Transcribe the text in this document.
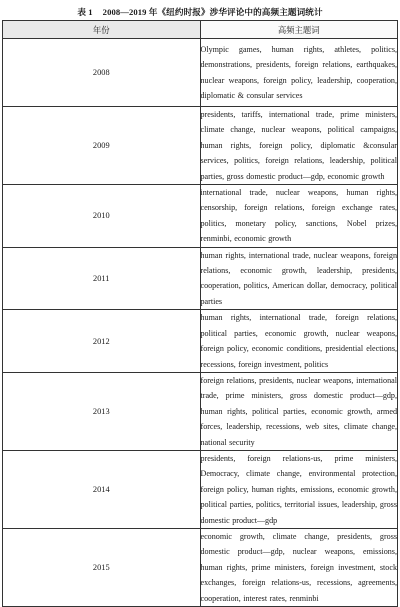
表 1 2008—2019 年《纽约时报》涉华评论中的高频主题词统计
年份	高频主题词
2008	Olympic games, human rights, athletes, politics, demonstrations, presidents, foreign relations, earthquakes, nuclear weapons, foreign policy, leadership, cooperation, diplomatic & consular services
2009	presidents, tariffs, international trade, prime ministers, climate change, nuclear weapons, political campaigns, human rights, foreign policy, diplomatic &consular services, politics, foreign relations, leadership, political parties, gross domestic product—gdp, economic growth
2010	international trade, nuclear weapons, human rights, censorship, foreign relations, foreign exchange rates, politics, monetary policy, sanctions, Nobel prizes, renminbi, economic growth
2011	human rights, international trade, nuclear weapons, foreign relations, economic growth, leadership, presidents, cooperation, politics, American dollar, democracy, political parties
2012	human rights, international trade, foreign relations, political parties, economic growth, nuclear weapons, foreign policy, economic conditions, presidential elections, recessions, foreign investment, politics
2013	foreign relations, presidents, nuclear weapons, international trade, prime ministers, gross domestic product—gdp, human rights, political parties, economic growth, armed forces, leadership, recessions, web sites, climate change, national security
2014	presidents, foreign relations-us, prime ministers, Democracy, climate change, environmental protection, foreign policy, human rights, emissions, economic growth, political parties, politics, territorial issues, leadership, gross domestic product—gdp
2015	economic growth, climate change, presidents, gross domestic product—gdp, nuclear weapons, emissions, human rights, prime ministers, foreign investment, stock exchanges, foreign relations-us, recessions, agreements, cooperation, interest rates, renminbi
